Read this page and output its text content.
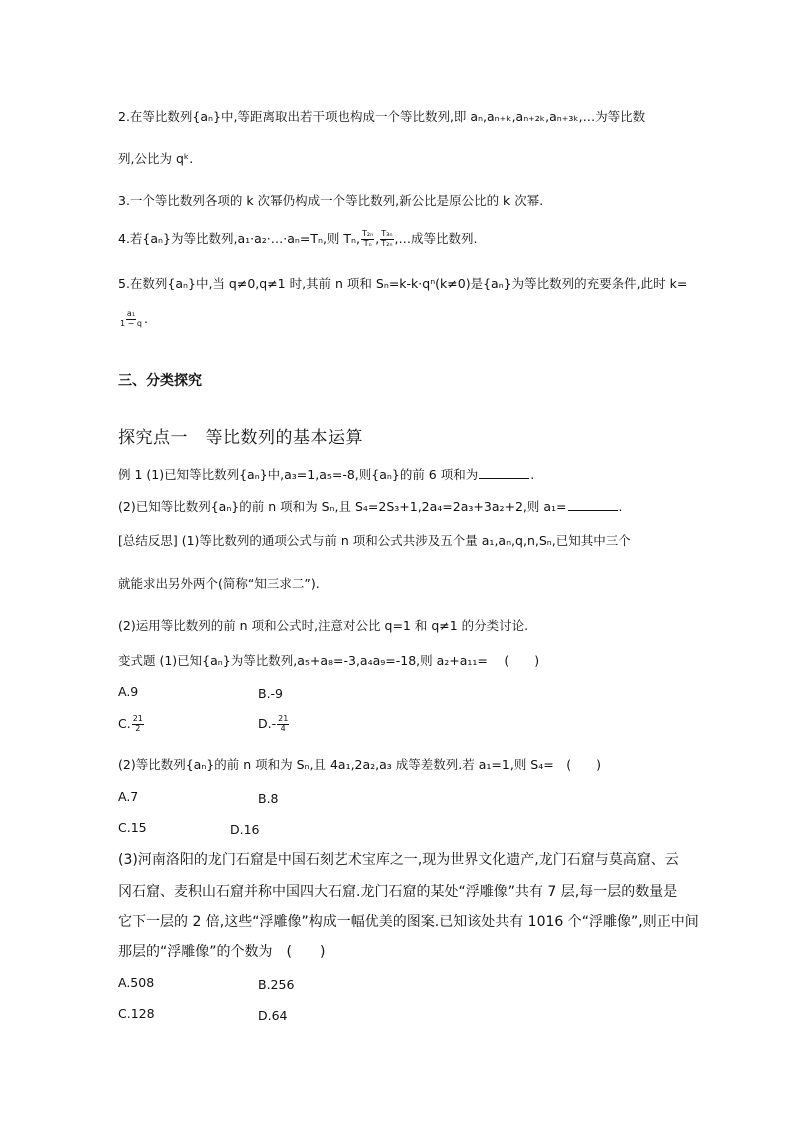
2.在等比数列{aₙ}中,等距离取出若干项也构成一个等比数列,即 aₙ,aₙ₊ₖ,aₙ₊₂ₖ,aₙ₊₃ₖ,…为等比数
列,公比为 qᵏ.
3.一个等比数列各项的 k 次幂仍构成一个等比数列,新公比是原公比的 k 次幂.
4.若{aₙ}为等比数列,a₁·a₂·…·aₙ=Tₙ,则 Tₙ, $\frac{\text{T₂ₙ}}{\text{Tₙ}}$ , $\frac{\text{T₃ₙ}}{\text{T₂ₙ}}$ ,…成等比数列.
5.在数列{aₙ}中,当 q≠0,q≠1 时,其前 n 项和 Sₙ=k-k·qⁿ(k≠0)是{aₙ}为等比数列的充要条件,此时 k=
$\frac{\text{a₁}}{1 - q}$ .
三、分类探究
探究点一　等比数列的基本运算
例 1 (1)已知等比数列{aₙ}中,a₃=1,a₅=-8,则{aₙ}的前 6 项和为	.
(2)已知等比数列{aₙ}的前 n 项和为 Sₙ,且 S₄=2S₃+1,2a₄=2a₃+3a₂+2,则 a₁=	.
[总结反思] (1)等比数列的通项公式与前 n 项和公式共涉及五个量 a₁,aₙ,q,n,Sₙ,已知其中三个
就能求出另外两个(简称“知三求二”).
(2)运用等比数列的前 n 项和公式时,注意对公比 q=1 和 q≠1 的分类讨论.
变式题 (1)已知{aₙ}为等比数列,a₅+a₈=-3,a₄a₉=-18,则 a₂+a₁₁=　 (　　)
A.9	B.-9
C. $\frac{21}{2}$	$D.- \frac{21}{4}$
(2)等比数列{aₙ}的前 n 项和为 Sₙ,且 4a₁,2a₂,a₃ 成等差数列.若 a₁=1,则 S₄=　(　　)
A.7	B.8
C.15	D.16
(3)河南洛阳的龙门石窟是中国石刻艺术宝库之一,现为世界文化遗产,龙门石窟与莫高窟、云
冈石窟、麦积山石窟并称中国四大石窟.龙门石窟的某处“浮雕像”共有 7 层,每一层的数量是
它下一层的 2 倍,这些“浮雕像”构成一幅优美的图案.已知该处共有 1016 个“浮雕像”,则正中间
那层的“浮雕像”的个数为　(　　)
A.508	B.256
C.128	D.64
